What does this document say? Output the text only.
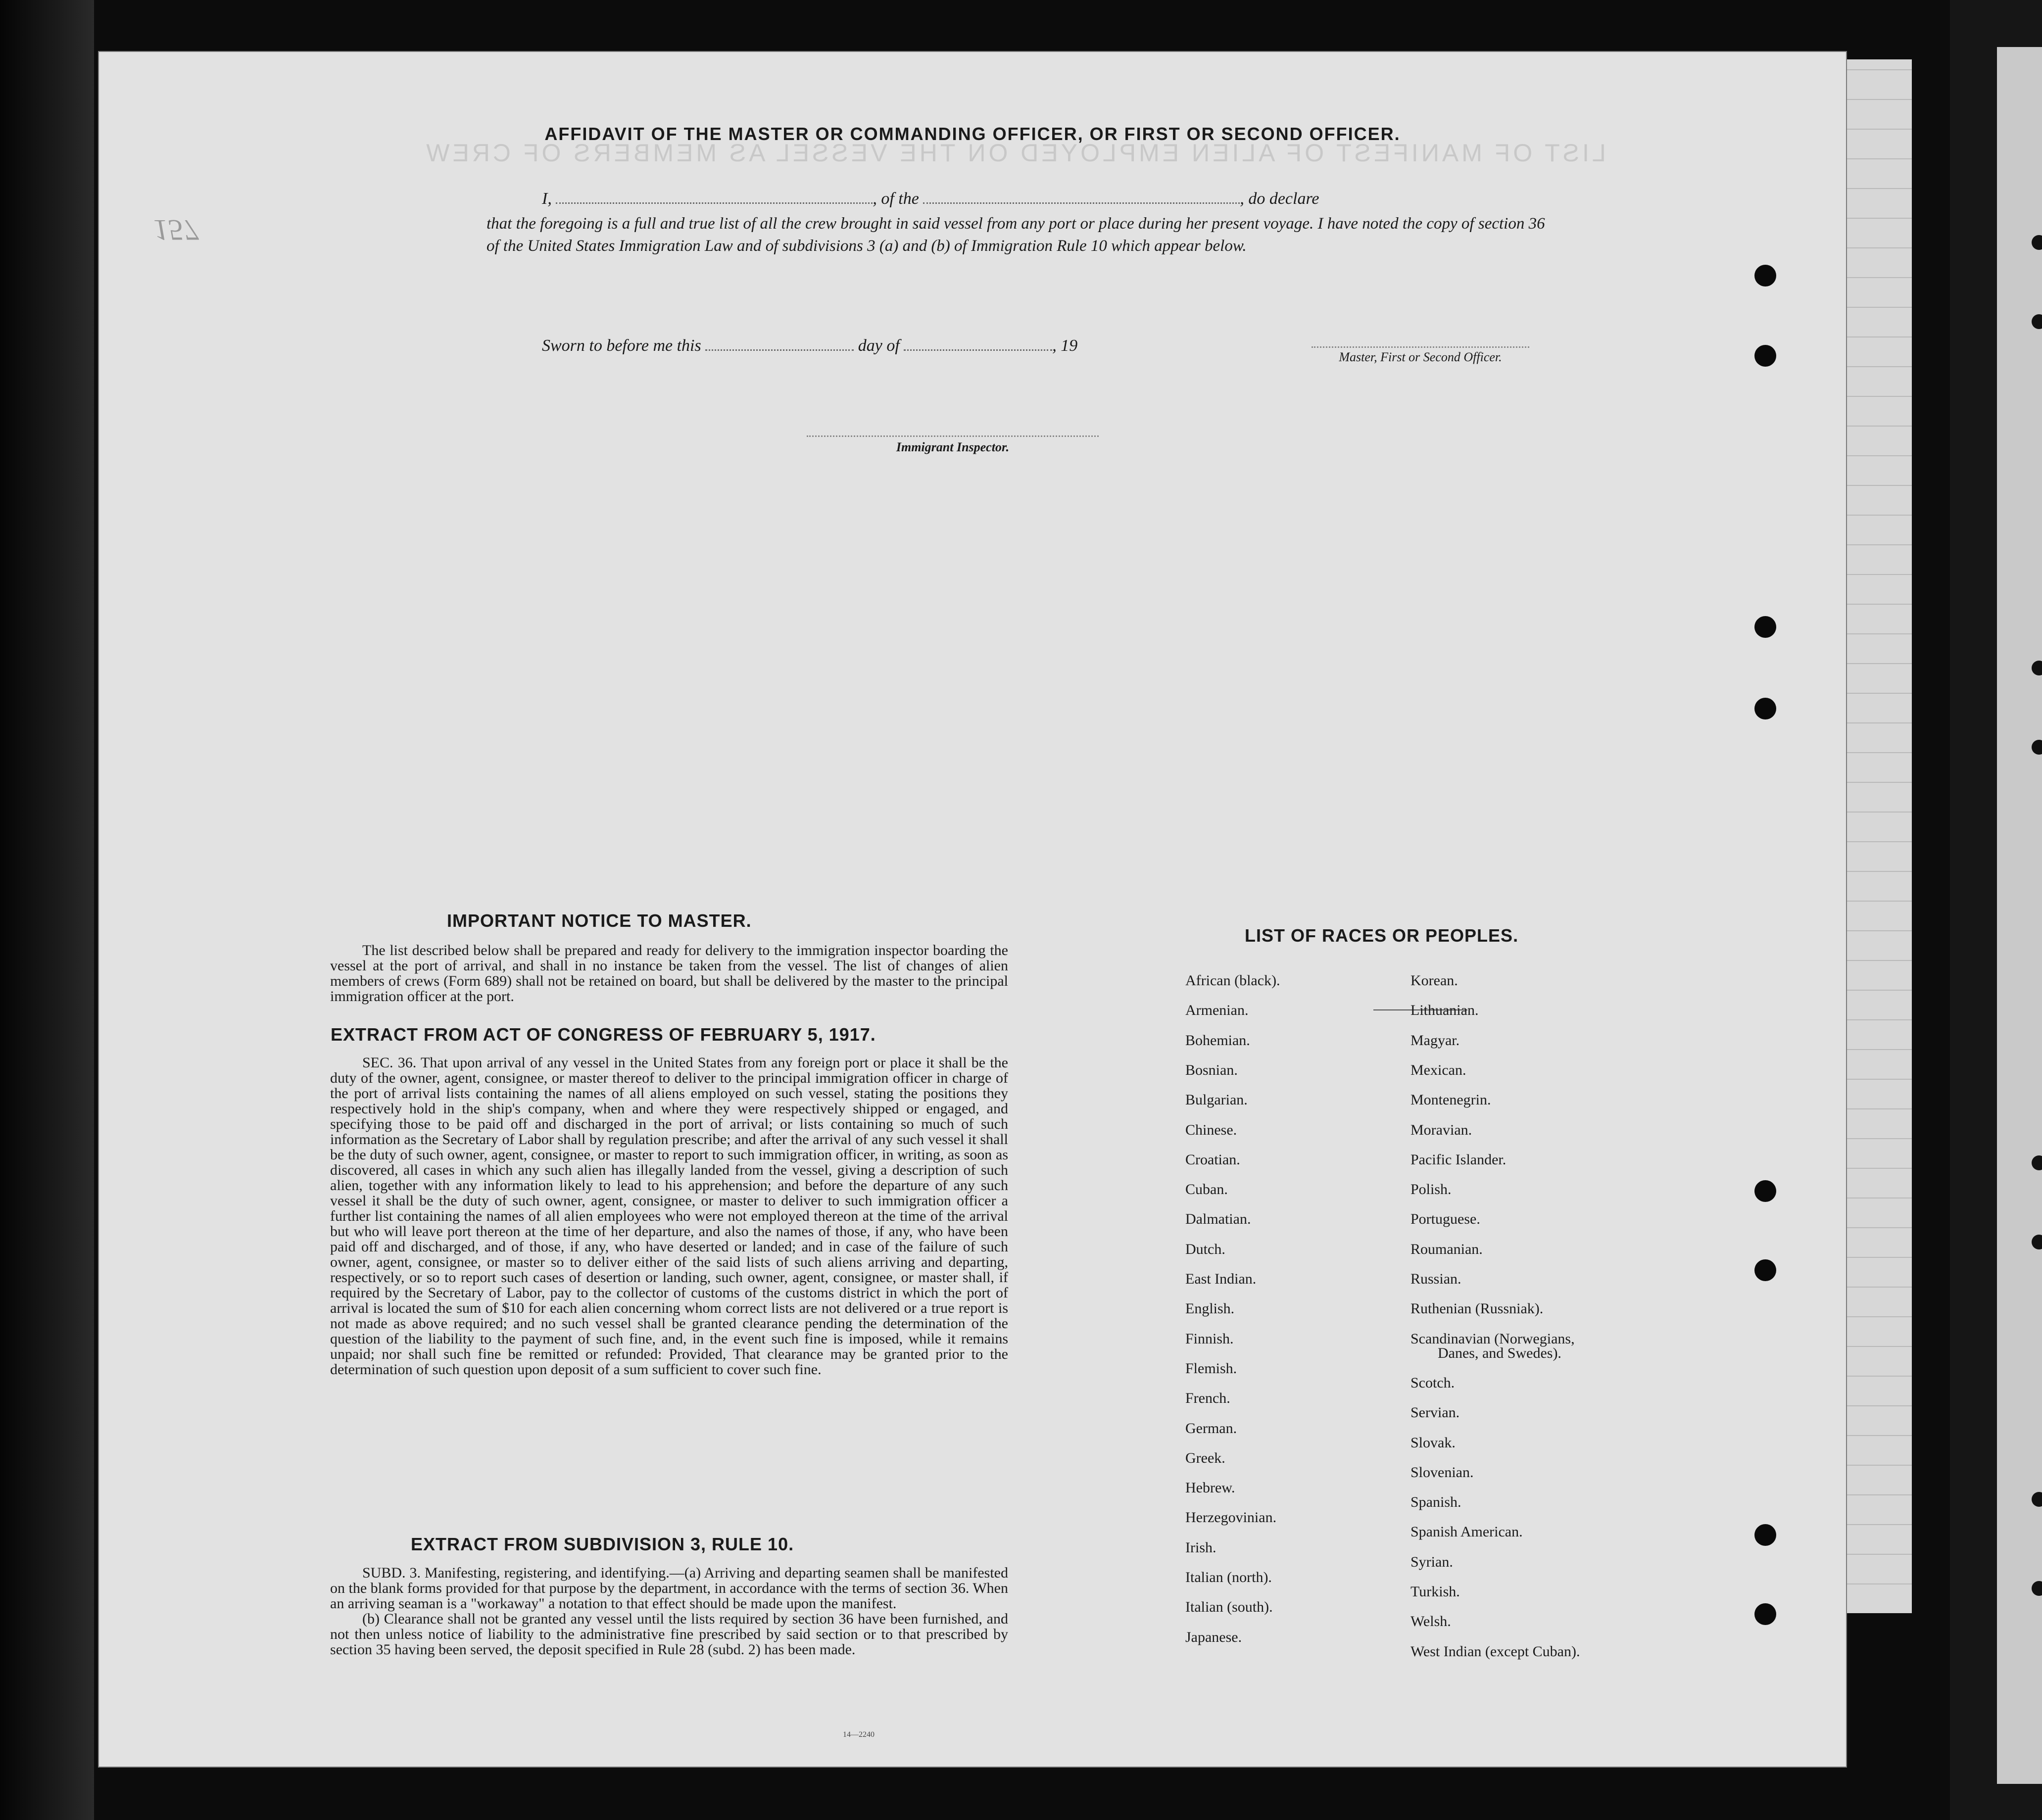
157
LIST OF MANIFEST OF ALIEN EMPLOYED ON THE VESSEL AS MEMBERS OF CREW
AFFIDAVIT OF THE MASTER OR COMMANDING OFFICER, OR FIRST OR SECOND OFFICER.
I,	, of the	, do declare
that the foregoing is a full and true list of all the crew brought in said vessel from any port or place during her present voyage. I have noted the copy of section 36 of the United States Immigration Law and of subdivisions 3 (a) and (b) of Immigration Rule 10 which appear below.
Master, First or Second Officer.
Sworn to before me this	day of	, 19
Immigrant Inspector.
IMPORTANT NOTICE TO MASTER.

The list described below shall be prepared and ready for delivery to the immigration inspector boarding the vessel at the port of arrival, and shall in no instance be taken from the vessel. The list of changes of alien members of crews (Form 689) shall not be retained on board, but shall be delivered by the master to the principal immigration officer at the port.

EXTRACT FROM ACT OF CONGRESS OF FEBRUARY 5, 1917.

SEC. 36. That upon arrival of any vessel in the United States from any foreign port or place it shall be the duty of the owner, agent, consignee, or master thereof to deliver to the principal immigration officer in charge of the port of arrival lists containing the names of all aliens employed on such vessel, stating the positions they respectively hold in the ship's company, when and where they were respectively shipped or engaged, and specifying those to be paid off and discharged in the port of arrival; or lists containing so much of such information as the Secretary of Labor shall by regulation prescribe; and after the arrival of any such vessel it shall be the duty of such owner, agent, consignee, or master to report to such immigration officer, in writing, as soon as discovered, all cases in which any such alien has illegally landed from the vessel, giving a description of such alien, together with any information likely to lead to his apprehension; and before the departure of any such vessel it shall be the duty of such owner, agent, consignee, or master to deliver to such immigration officer a further list containing the names of all alien employees who were not employed thereon at the time of the arrival but who will leave port thereon at the time of her departure, and also the names of those, if any, who have been paid off and discharged, and of those, if any, who have deserted or landed; and in case of the failure of such owner, agent, consignee, or master so to deliver either of the said lists of such aliens arriving and departing, respectively, or so to report such cases of desertion or landing, such owner, agent, consignee, or master shall, if required by the Secretary of Labor, pay to the collector of customs of the customs district in which the port of arrival is located the sum of $10 for each alien concerning whom correct lists are not delivered or a true report is not made as above required; and no such vessel shall be granted clearance pending the determination of the question of the liability to the payment of such fine, and, in the event such fine is imposed, while it remains unpaid; nor shall such fine be remitted or refunded: Provided, That clearance may be granted prior to the determination of such question upon deposit of a sum sufficient to cover such fine.

EXTRACT FROM SUBDIVISION 3, RULE 10.

SUBD. 3. Manifesting, registering, and identifying.—(a) Arriving and departing seamen shall be manifested on the blank forms provided for that purpose by the department, in accordance with the terms of section 36. When an arriving seaman is a "workaway" a notation to that effect should be made upon the manifest.

(b) Clearance shall not be granted any vessel until the lists required by section 36 have been furnished, and not then unless notice of liability to the administrative fine prescribed by said section or to that prescribed by section 35 having been served, the deposit specified in Rule 28 (subd. 2) has been made.

14—2240
LIST OF RACES OR PEOPLES.
African (black).
Armenian.
Bohemian.
Bosnian.
Bulgarian.
Chinese.
Croatian.
Cuban.
Dalmatian.
Dutch.
East Indian.
English.
Finnish.
Flemish.
French.
German.
Greek.
Hebrew.
Herzegovinian.
Irish.
Italian (north).
Italian (south).
Japanese.
Korean.
Lithuanian.
Magyar.
Mexican.
Montenegrin.
Moravian.
Pacific Islander.
Polish.
Portuguese.
Roumanian.
Russian.
Ruthenian (Russniak).
Scandinavian (Norwegians,
Danes, and Swedes).
Scotch.
Servian.
Slovak.
Slovenian.
Spanish.
Spanish American.
Syrian.
Turkish.
Welsh.
West Indian (except Cuban).
